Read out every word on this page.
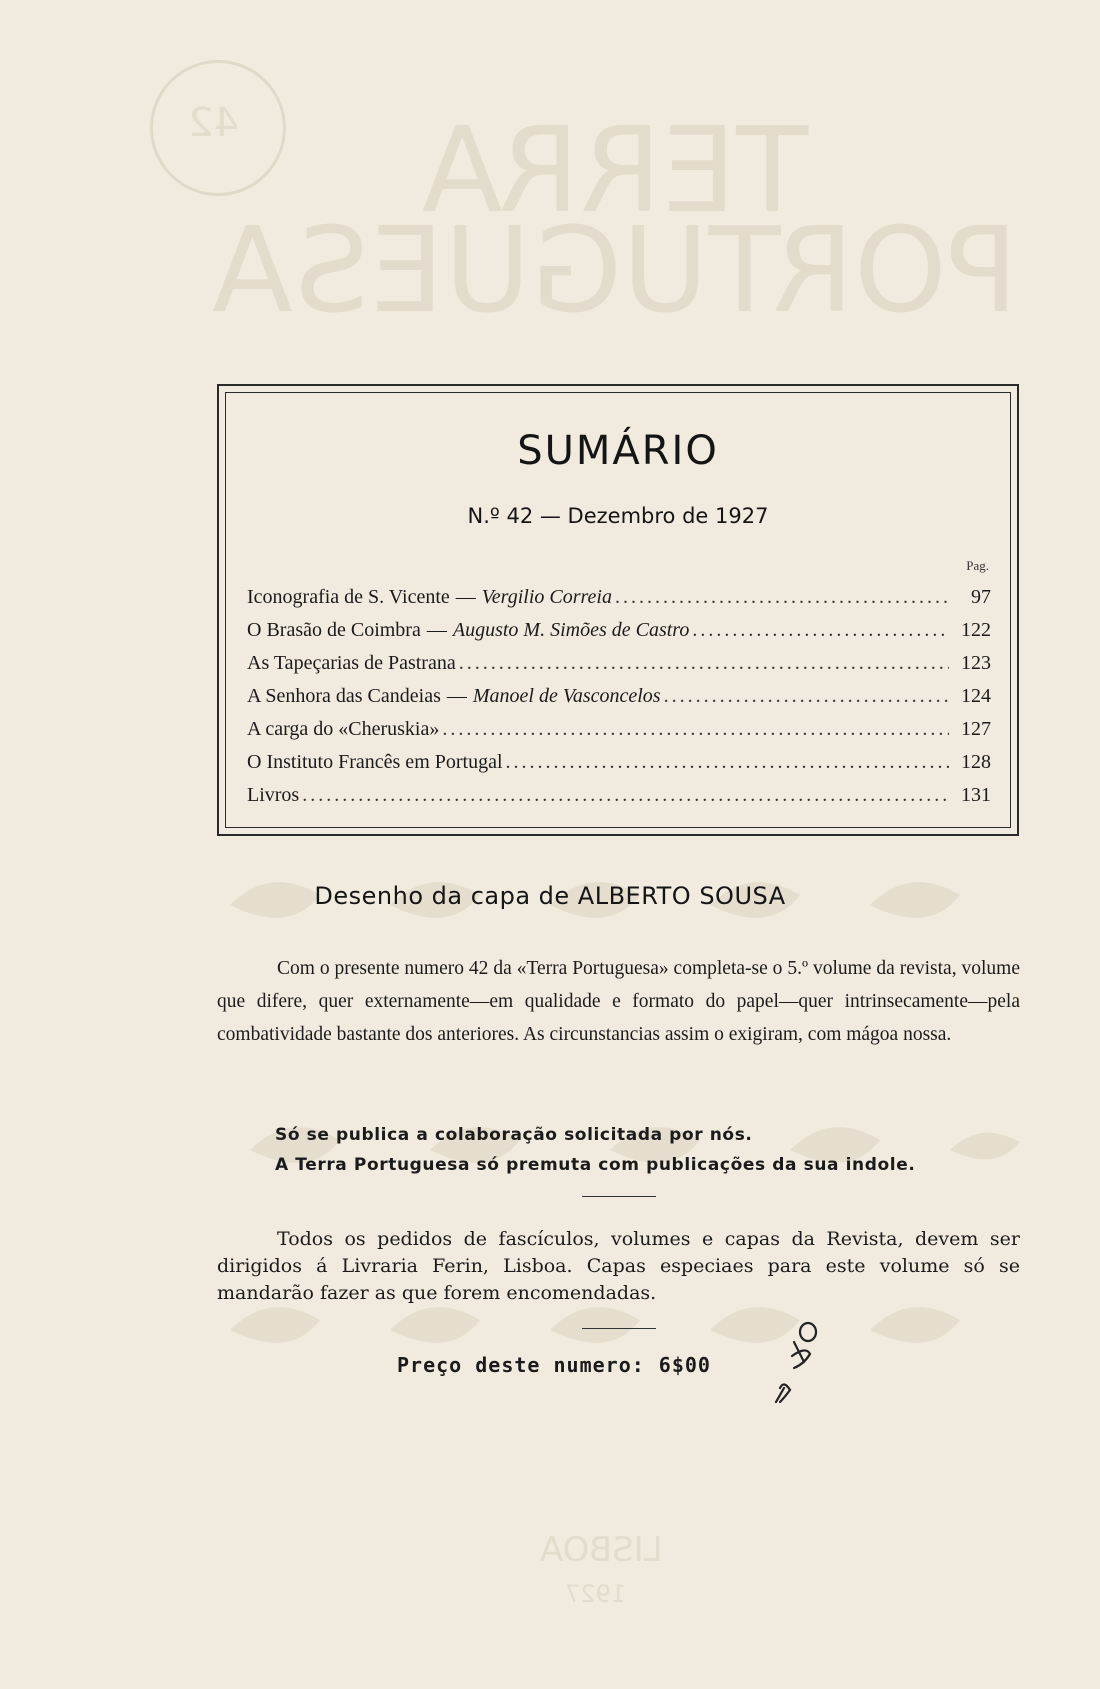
42	TERRA PORTUGUESA
LISBOA
1927
SUMÁRIO
N.º 42 — Dezembro de 1927
Pag.
Iconografia de S. Vicente — Vergilio Correia .....	97
O Brasão de Coimbra — Augusto M. Simões de Castro .....	122
As Tapeçarias de Pastrana .....	123
A Senhora das Candeias — Manoel de Vasconcelos .....	124
A carga do «Cheruskia» .....	127
O Instituto Francês em Portugal .....	128
Livros .....	131
Desenho da capa de ALBERTO SOUSA

Com o presente numero 42 da «Terra Portuguesa» completa-se o 5.º volume da revista, volume que difere, quer externamente—em qualidade e formato do papel—quer intrinsecamente—pela combatividade bastante dos anteriores. As circunstancias assim o exigiram, com mágoa nossa.

Só se publica a colaboração solicitada por nós.
A Terra Portuguesa só premuta com publicações da sua indole.

Todos os pedidos de fascículos, volumes e capas da Revista, devem ser dirigidos á Livraria Ferin, Lisboa. Capas especiaes para este volume só se mandarão fazer as que forem encomendadas.

Preço deste numero: 6$00
